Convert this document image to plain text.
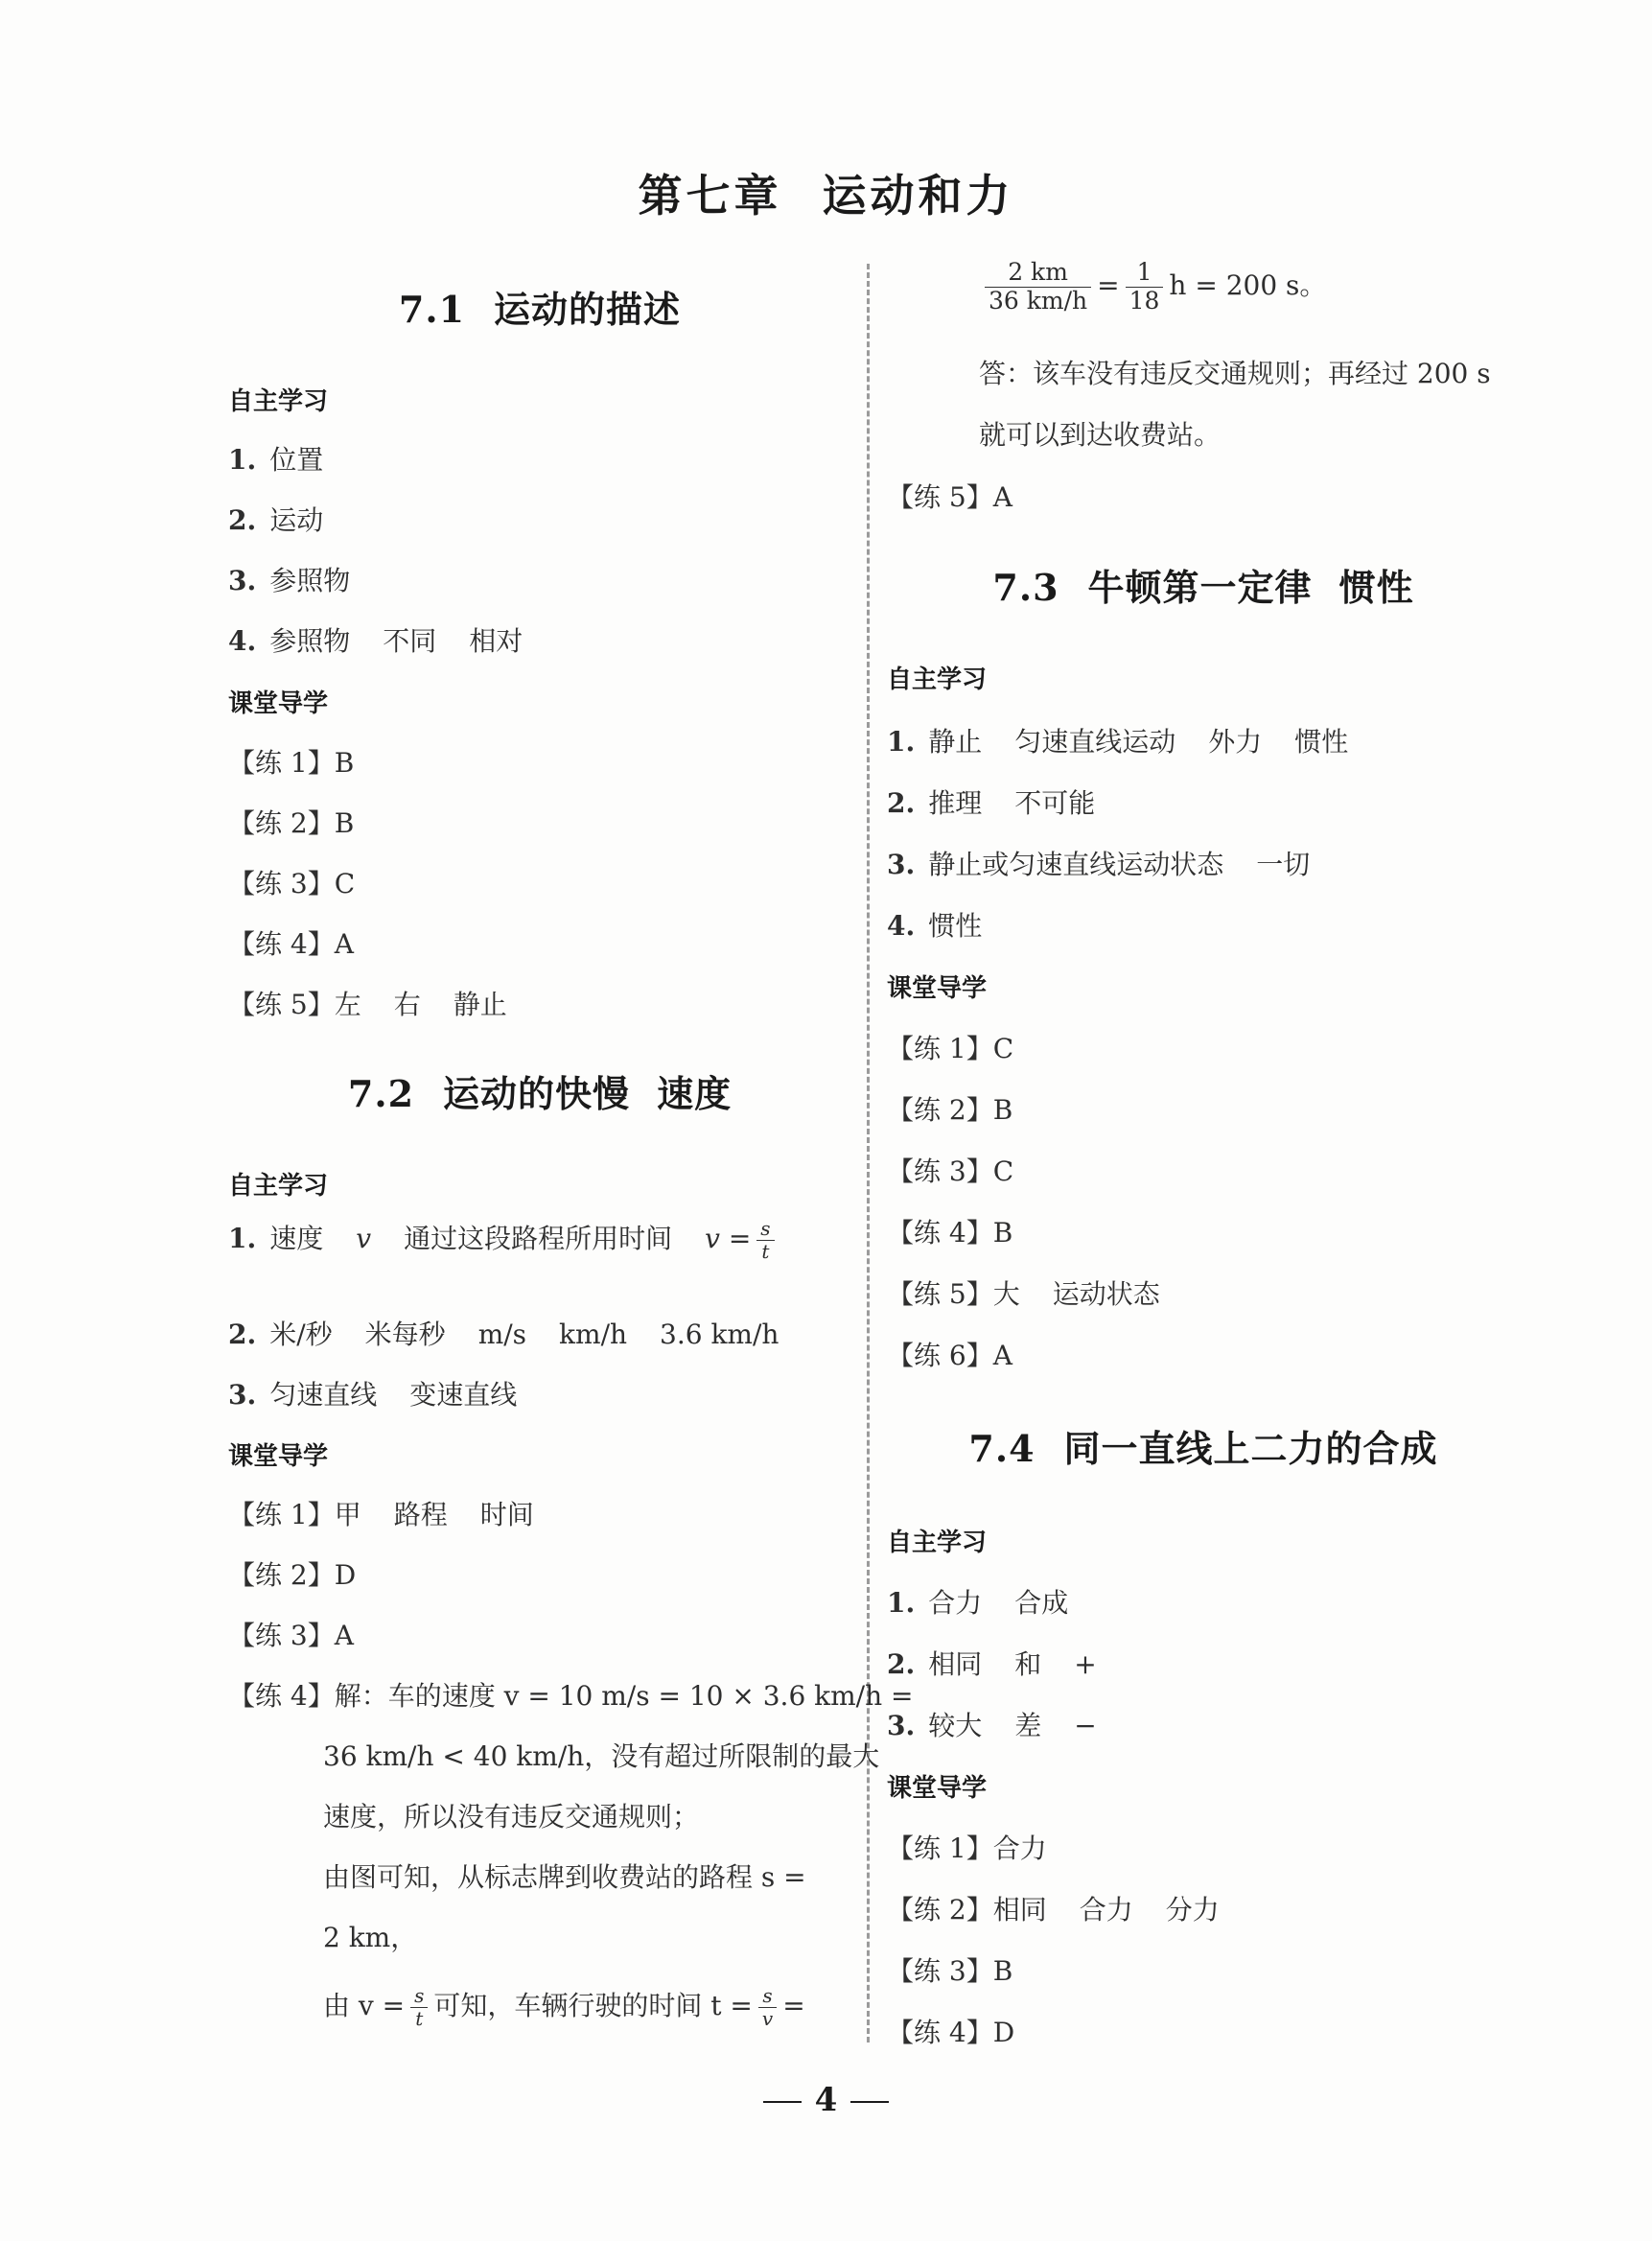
第七章 运动和力
7.1 运动的描述
自主学习
1. 位置
2. 运动
3. 参照物
4. 参照物 不同 相对
课堂导学
【练 1】B
【练 2】B
【练 3】C
【练 4】A
【练 5】左 右 静止
7.2 运动的快慢 速度
自主学习
1. 速度 v 通过这段路程所用时间 $v = \frac{s}{t}$
2. 米/秒 米每秒 m/s km/h 3.6 km/h
3. 匀速直线 变速直线
课堂导学
【练 1】甲 路程 时间
【练 2】D
【练 3】A
【练 4】解：车的速度 v = 10 m/s = 10 × 3.6 km/h =
36 km/h < 40 km/h，没有超过所限制的最大
速度，所以没有违反交通规则；
由图可知，从标志牌到收费站的路程 s =
2 km，
由 $v = \frac{s}{t}$ 可知，车辆行驶的时间 $t = \frac{s}{v}$ =
$\frac{2 km}{36 km/h} = \frac{1}{18}$ h = 200 s。
答：该车没有违反交通规则；再经过 200 s
就可以到达收费站。
【练 5】A
7.3 牛顿第一定律 惯性
自主学习
1. 静止 匀速直线运动 外力 惯性
2. 推理 不可能
3. 静止或匀速直线运动状态 一切
4. 惯性
课堂导学
【练 1】C
【练 2】B
【练 3】C
【练 4】B
【练 5】大 运动状态
【练 6】A
7.4 同一直线上二力的合成
自主学习
1. 合力 合成
2. 相同 和 +
3. 较大 差 −
课堂导学
【练 1】合力
【练 2】相同 合力 分力
【练 3】B
【练 4】D
4
